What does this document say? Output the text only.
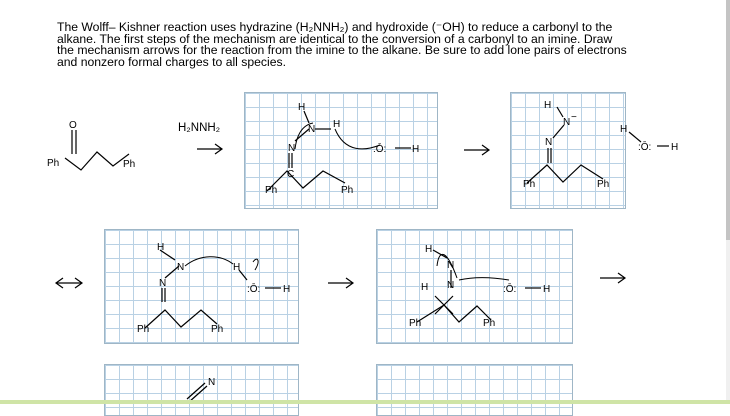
The Wolff– Kishner reaction uses hydrazine (H₂NNH₂) and hydroxide (⁻OH) to reduce a carbonyl to the
alkane. The first steps of the mechanism are identical to the conversion of a carbonyl to an imine. Draw
the mechanism arrows for the reaction from the imine to the alkane. Be sure to add lone pairs of electrons
and nonzero formal charges to all species.
O
Ph	Ph
H₂NNH₂
C
N
N
H
H
:Ō:	H
Ph	Ph
N
N −
H
Ph	Ph
H
:Ō: H
N
N
H
H
:Ō: H
Ph	Ph
N
N
H
H	:Ō:	H
Ph	Ph
N
